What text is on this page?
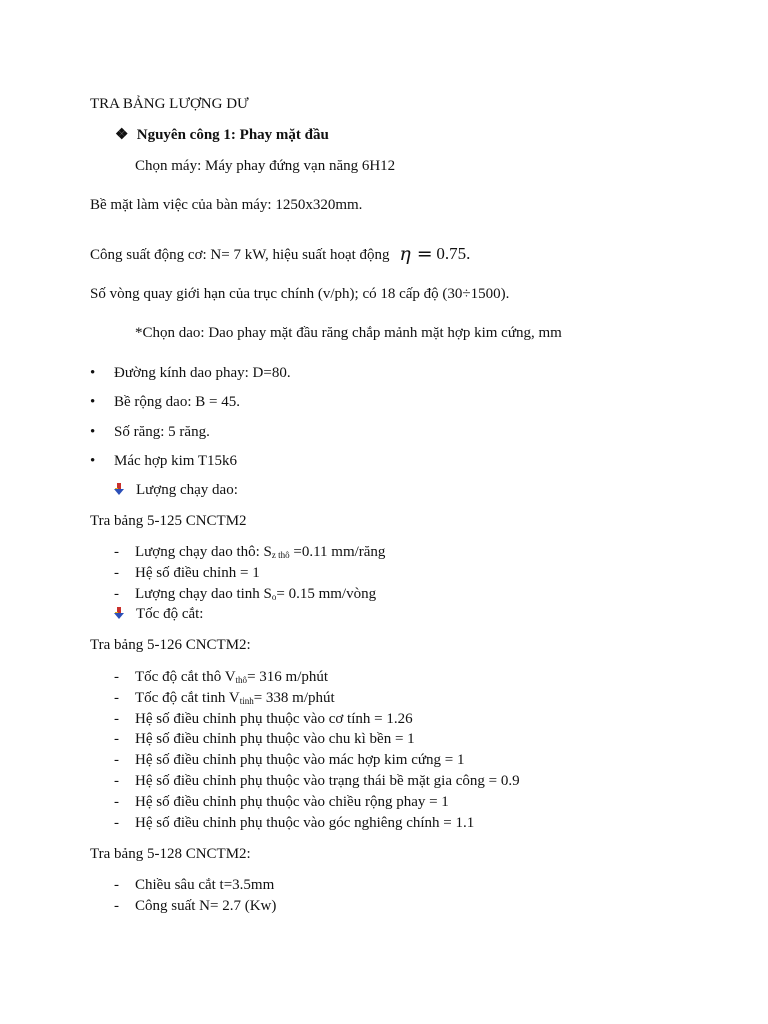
TRA BẢNG LƯỢNG DƯ
❖ Nguyên công 1: Phay mặt đầu
Chọn máy: Máy phay đứng vạn năng 6H12
Bề mặt làm việc của bàn máy: 1250x320mm.
Công suất động cơ: N= 7 kW, hiệu suất hoạt động η = 0.75.
Số vòng quay giới hạn của trục chính (v/ph); có 18 cấp độ (30÷1500).
*Chọn dao: Dao phay mặt đầu răng chắp mảnh mặt hợp kim cứng, mm
• Đường kính dao phay: D=80.
• Bề rộng dao: B = 45.
• Số răng: 5 răng.
• Mác hợp kim T15k6
Lượng chạy dao:
Tra bảng 5-125 CNCTM2
- Lượng chạy dao thô: $S_{z thô} =0.11$ mm/răng
- Hệ số điều chỉnh = 1
- Lượng chạy dao tinh $S_o= 0.15$ mm/vòng
Tốc độ cắt:
Tra bảng 5-126 CNCTM2:
- Tốc độ cắt thô $V_{thô}= 316$ m/phút
- Tốc độ cắt tinh $V_{tinh}= 338$ m/phút
- Hệ số điều chỉnh phụ thuộc vào cơ tính = 1.26
- Hệ số điều chỉnh phụ thuộc vào chu kì bền = 1
- Hệ số điều chỉnh phụ thuộc vào mác hợp kim cứng = 1
- Hệ số điều chỉnh phụ thuộc vào trạng thái bề mặt gia công = 0.9
- Hệ số điều chỉnh phụ thuộc vào chiều rộng phay = 1
- Hệ số điều chỉnh phụ thuộc vào góc nghiêng chính = 1.1
Tra bảng 5-128 CNCTM2:
- Chiều sâu cắt t=3.5mm
- Công suất N= 2.7 (Kw)
